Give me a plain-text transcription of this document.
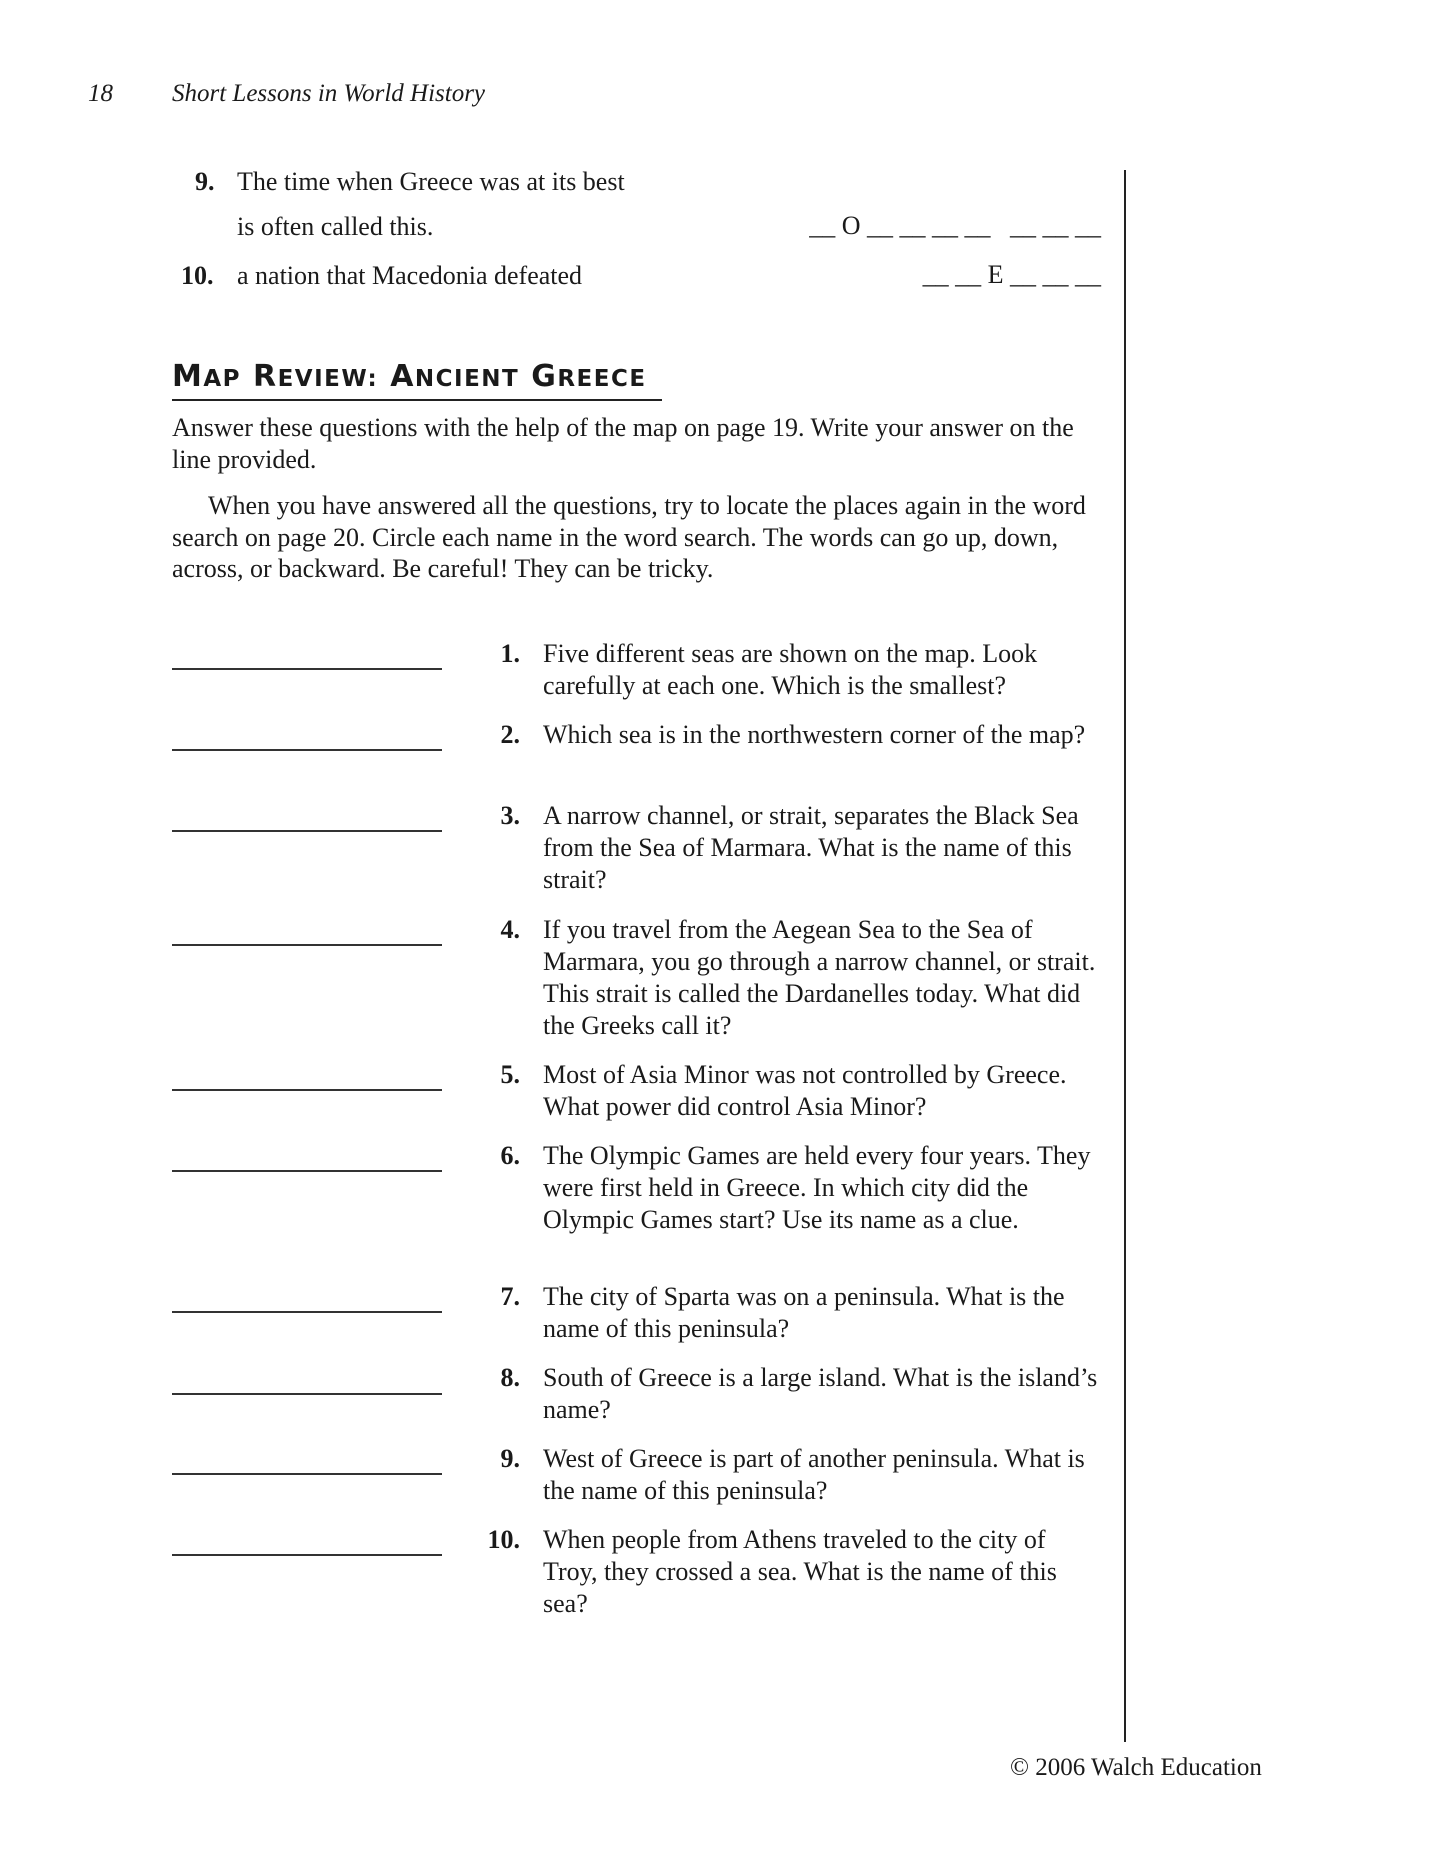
18 Short Lessons in World History
9. The time when Greece was at its best
is often called this.	__ O __ __ __ __   __ __ __
10. a nation that Macedonia defeated	__ __ E __ __ __
MAP REVIEW: ANCIENT GREECE

Answer these questions with the help of the map on page 19. Write your answer on the line provided.

When you have answered all the questions, try to locate the places again in the word search on page 20. Circle each name in the word search. The words can go up, down, across, or backward. Be careful! They can be tricky.

1. Five different seas are shown on the map. Look carefully at each one. Which is the smallest?
2. Which sea is in the northwestern corner of the map?
3. A narrow channel, or strait, separates the Black Sea from the Sea of Marmara. What is the name of this strait?
4. If you travel from the Aegean Sea to the Sea of Marmara, you go through a narrow channel, or strait. This strait is called the Dardanelles today. What did the Greeks call it?
5. Most of Asia Minor was not controlled by Greece. What power did control Asia Minor?
6. The Olympic Games are held every four years. They were first held in Greece. In which city did the Olympic Games start? Use its name as a clue.
7. The city of Sparta was on a peninsula. What is the name of this peninsula?
8. South of Greece is a large island. What is the island’s name?
9. West of Greece is part of another peninsula. What is the name of this peninsula?
10. When people from Athens traveled to the city of Troy, they crossed a sea. What is the name of this sea?
© 2006 Walch Education
